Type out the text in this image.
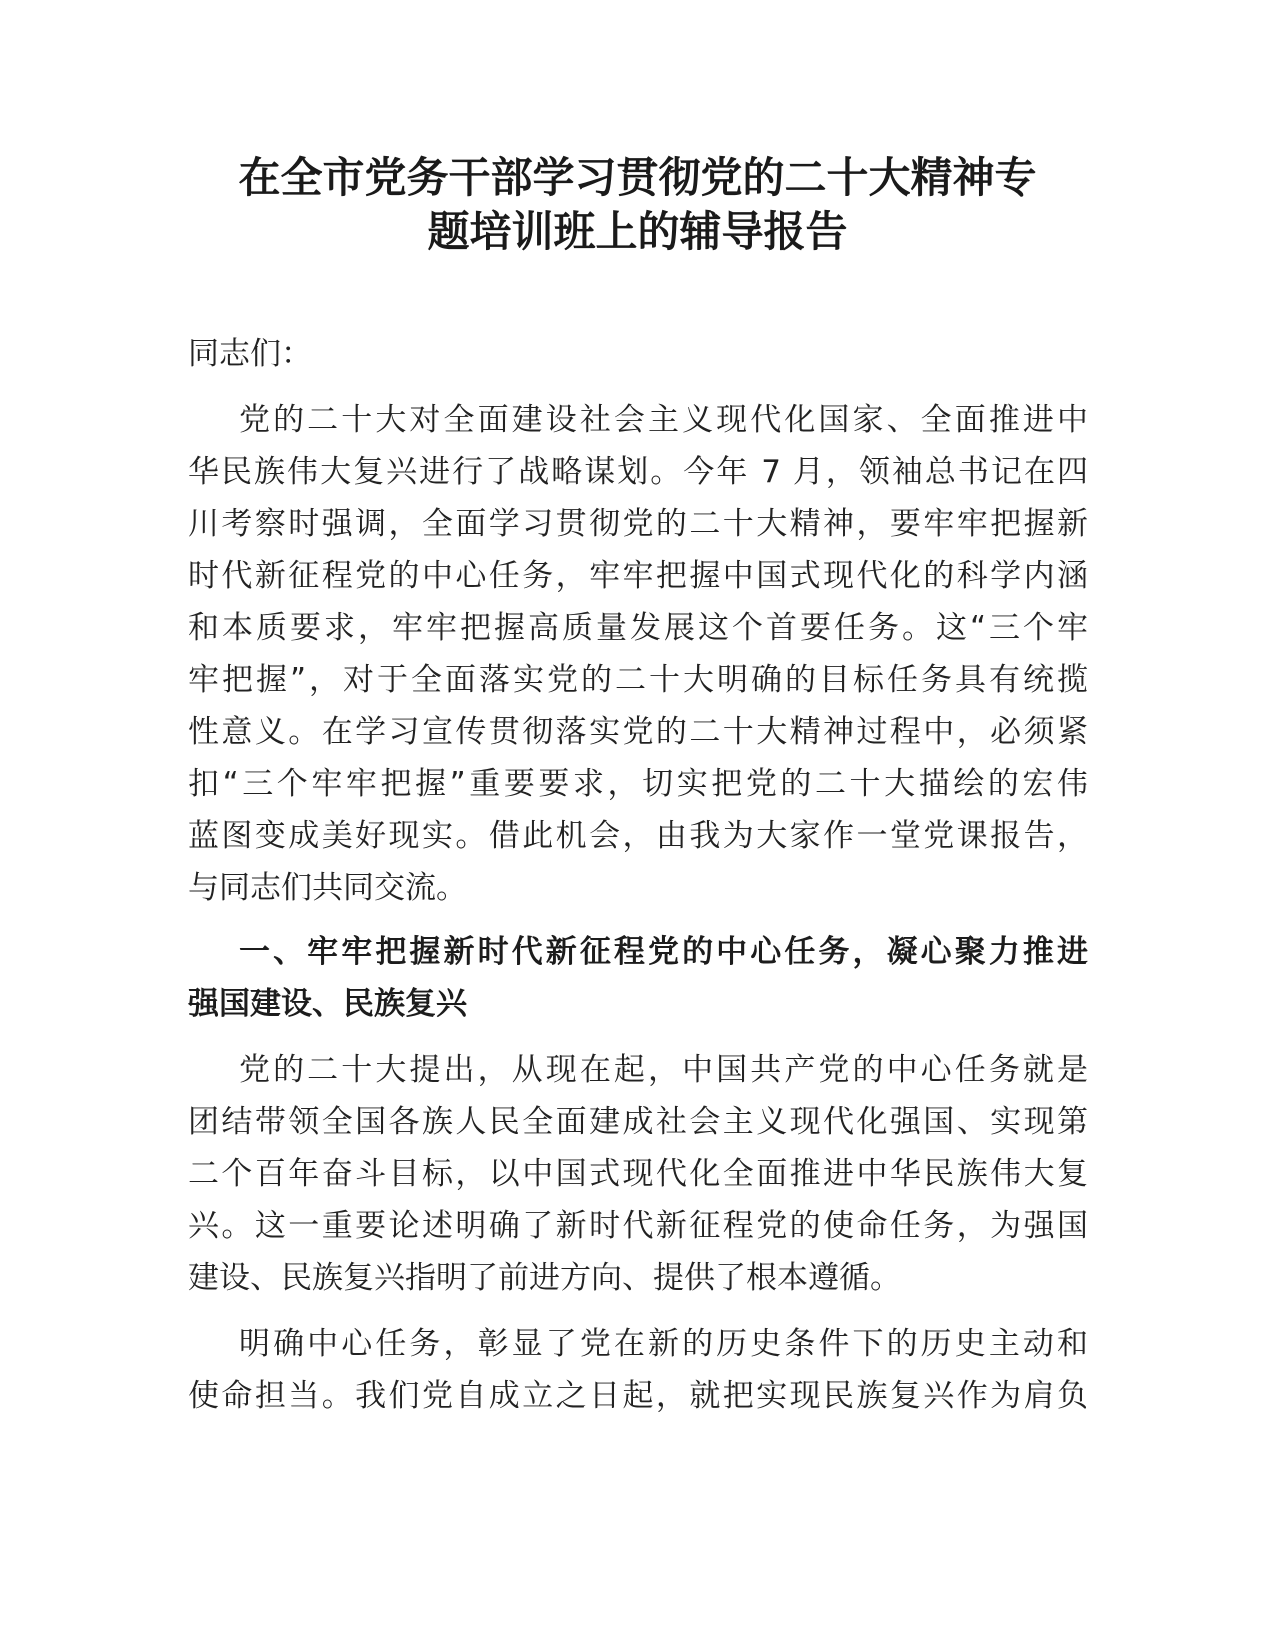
在全市党务干部学习贯彻党的二十大精神专
题培训班上的辅导报告

同志们：

党的二十大对全面建设社会主义现代化国家、全面推进中

华民族伟大复兴进行了战略谋划。今年 7 月，领袖总书记在四

川考察时强调，全面学习贯彻党的二十大精神，要牢牢把握新

时代新征程党的中心任务，牢牢把握中国式现代化的科学内涵

和本质要求，牢牢把握高质量发展这个首要任务。这“三个牢

牢把握”，对于全面落实党的二十大明确的目标任务具有统揽

性意义。在学习宣传贯彻落实党的二十大精神过程中，必须紧

扣“三个牢牢把握”重要要求，切实把党的二十大描绘的宏伟

蓝图变成美好现实。借此机会，由我为大家作一堂党课报告，

与同志们共同交流。

一、牢牢把握新时代新征程党的中心任务，凝心聚力推进

强国建设、民族复兴

党的二十大提出，从现在起，中国共产党的中心任务就是

团结带领全国各族人民全面建成社会主义现代化强国、实现第

二个百年奋斗目标，以中国式现代化全面推进中华民族伟大复

兴。这一重要论述明确了新时代新征程党的使命任务，为强国

建设、民族复兴指明了前进方向、提供了根本遵循。

明确中心任务，彰显了党在新的历史条件下的历史主动和

使命担当。我们党自成立之日起，就把实现民族复兴作为肩负
